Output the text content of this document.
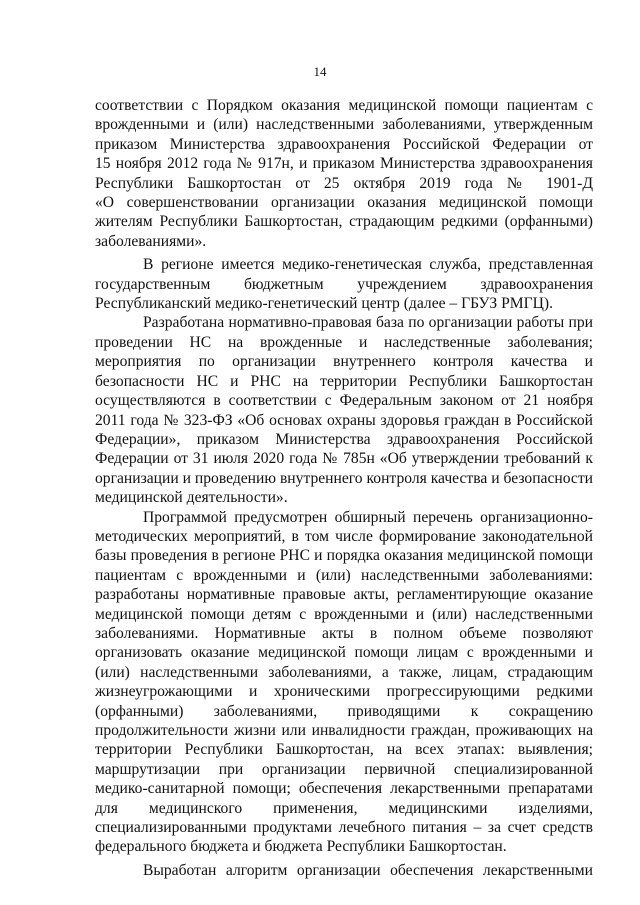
14

соответствии с Порядком оказания медицинской помощи пациентам с

врожденными и (или) наследственными заболеваниями, утвержденным

приказом Министерства здравоохранения Российской Федерации от

15 ноября 2012 года № 917н, и приказом Министерства здравоохранения

Республики Башкортостан от 25 октября 2019 года № 1901-Д

«О совершенствовании организации оказания медицинской помощи

жителям Республики Башкортостан, страдающим редкими (орфанными)

заболеваниями».

В регионе имеется медико-генетическая служба, представленная

государственным бюджетным учреждением здравоохранения

Республиканский медико-генетический центр (далее – ГБУЗ РМГЦ).

Разработана нормативно-правовая база по организации работы при

проведении НС на врожденные и наследственные заболевания;

мероприятия по организации внутреннего контроля качества и

безопасности НС и РНС на территории Республики Башкортостан

осуществляются в соответствии с Федеральным законом от 21 ноября

2011 года № 323-ФЗ «Об основах охраны здоровья граждан в Российской

Федерации», приказом Министерства здравоохранения Российской

Федерации от 31 июля 2020 года № 785н «Об утверждении требований к

организации и проведению внутреннего контроля качества и безопасности

медицинской деятельности».

Программой предусмотрен обширный перечень организационно-

методических мероприятий, в том числе формирование законодательной

базы проведения в регионе РНС и порядка оказания медицинской помощи

пациентам с врожденными и (или) наследственными заболеваниями:

разработаны нормативные правовые акты, регламентирующие оказание

медицинской помощи детям с врожденными и (или) наследственными

заболеваниями. Нормативные акты в полном объеме позволяют

организовать оказание медицинской помощи лицам с врожденными и

(или) наследственными заболеваниями, а также, лицам, страдающим

жизнеугрожающими и хроническими прогрессирующими редкими

(орфанными) заболеваниями, приводящими к сокращению

продолжительности жизни или инвалидности граждан, проживающих на

территории Республики Башкортостан, на всех этапах: выявления;

маршрутизации при организации первичной специализированной

медико-санитарной помощи; обеспечения лекарственными препаратами

для медицинского применения, медицинскими изделиями,

специализированными продуктами лечебного питания – за счет средств

федерального бюджета и бюджета Республики Башкортостан.

Выработан алгоритм организации обеспечения лекарственными
